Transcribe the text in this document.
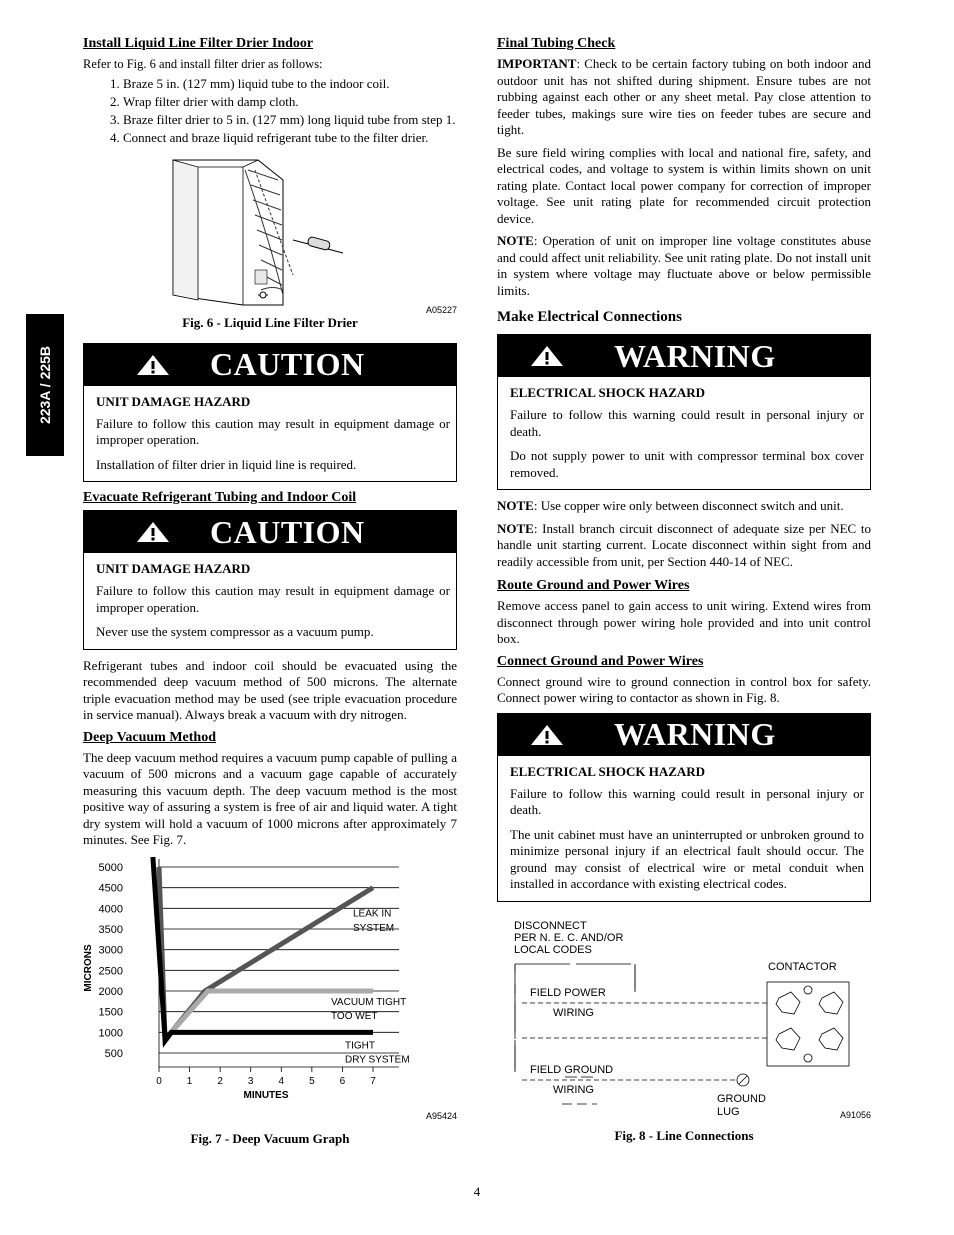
223A / 225B
Install Liquid Line Filter Drier Indoor

Refer to Fig. 6 and install filter drier as follows:

1. Braze 5 in. (127 mm) liquid tube to the indoor coil.
2. Wrap filter drier with damp cloth.
3. Braze filter drier to 5 in. (127 mm) long liquid tube from step 1.
4. Connect and braze liquid refrigerant tube to the filter drier.
A05227
Fig. 6 - Liquid Line Filter Drier
CAUTION
UNIT DAMAGE HAZARD

Failure to follow this caution may result in equipment damage or improper operation.

Installation of filter drier in liquid line is required.

Evacuate Refrigerant Tubing and Indoor Coil
CAUTION
UNIT DAMAGE HAZARD

Failure to follow this caution may result in equipment damage or improper operation.

Never use the system compressor as a vacuum pump.

Refrigerant tubes and indoor coil should be evacuated using the recommended deep vacuum method of 500 microns. The alternate triple evacuation method may be used (see triple evacuation procedure in service manual). Always break a vacuum with dry nitrogen.

Deep Vacuum Method

The deep vacuum method requires a vacuum pump capable of pulling a vacuum of 500 microns and a vacuum gage capable of accurately measuring this vacuum depth. The deep vacuum method is the most positive way of assuring a system is free of air and liquid water. A tight dry system will hold a vacuum of 1000 microns after approximately 7 minutes. See Fig. 7.

5000
4500
4000
3500
3000
2500
2000
1500
1000
500
0	1	2	3	4	5	6	7
MINUTES
MICRONS
LEAK IN
SYSTEM
VACUUM TIGHT
TOO WET
TIGHT
DRY SYSTEM
A95424
Fig. 7 - Deep Vacuum Graph
Final Tubing Check

IMPORTANT: Check to be certain factory tubing on both indoor and outdoor unit has not shifted during shipment. Ensure tubes are not rubbing against each other or any sheet metal. Pay close attention to feeder tubes, makings sure wire ties on feeder tubes are secure and tight.

Be sure field wiring complies with local and national fire, safety, and electrical codes, and voltage to system is within limits shown on unit rating plate. Contact local power company for correction of improper voltage. See unit rating plate for recommended circuit protection device.

NOTE: Operation of unit on improper line voltage constitutes abuse and could affect unit reliability. See unit rating plate. Do not install unit in system where voltage may fluctuate above or below permissible limits.

Make Electrical Connections
WARNING
ELECTRICAL SHOCK HAZARD

Failure to follow this warning could result in personal injury or death.

Do not supply power to unit with compressor terminal box cover removed.

NOTE: Use copper wire only between disconnect switch and unit.

NOTE: Install branch circuit disconnect of adequate size per NEC to handle unit starting current. Locate disconnect within sight from and readily accessible from unit, per Section 440-14 of NEC.

Route Ground and Power Wires

Remove access panel to gain access to unit wiring. Extend wires from disconnect through power wiring hole provided and into unit control box.

Connect Ground and Power Wires

Connect ground wire to ground connection in control box for safety. Connect power wiring to contactor as shown in Fig. 8.

WARNING
ELECTRICAL SHOCK HAZARD

Failure to follow this warning could result in personal injury or death.

The unit cabinet must have an uninterrupted or unbroken ground to minimize personal injury if an electrical fault should occur. The ground may consist of electrical wire or metal conduit when installed in accordance with existing electrical codes.

DISCONNECT
PER N. E. C. AND/OR
LOCAL CODES
CONTACTOR
FIELD POWER
WIRING
FIELD GROUND
WIRING
GROUND
LUG	A91056
Fig. 8 - Line Connections
4
